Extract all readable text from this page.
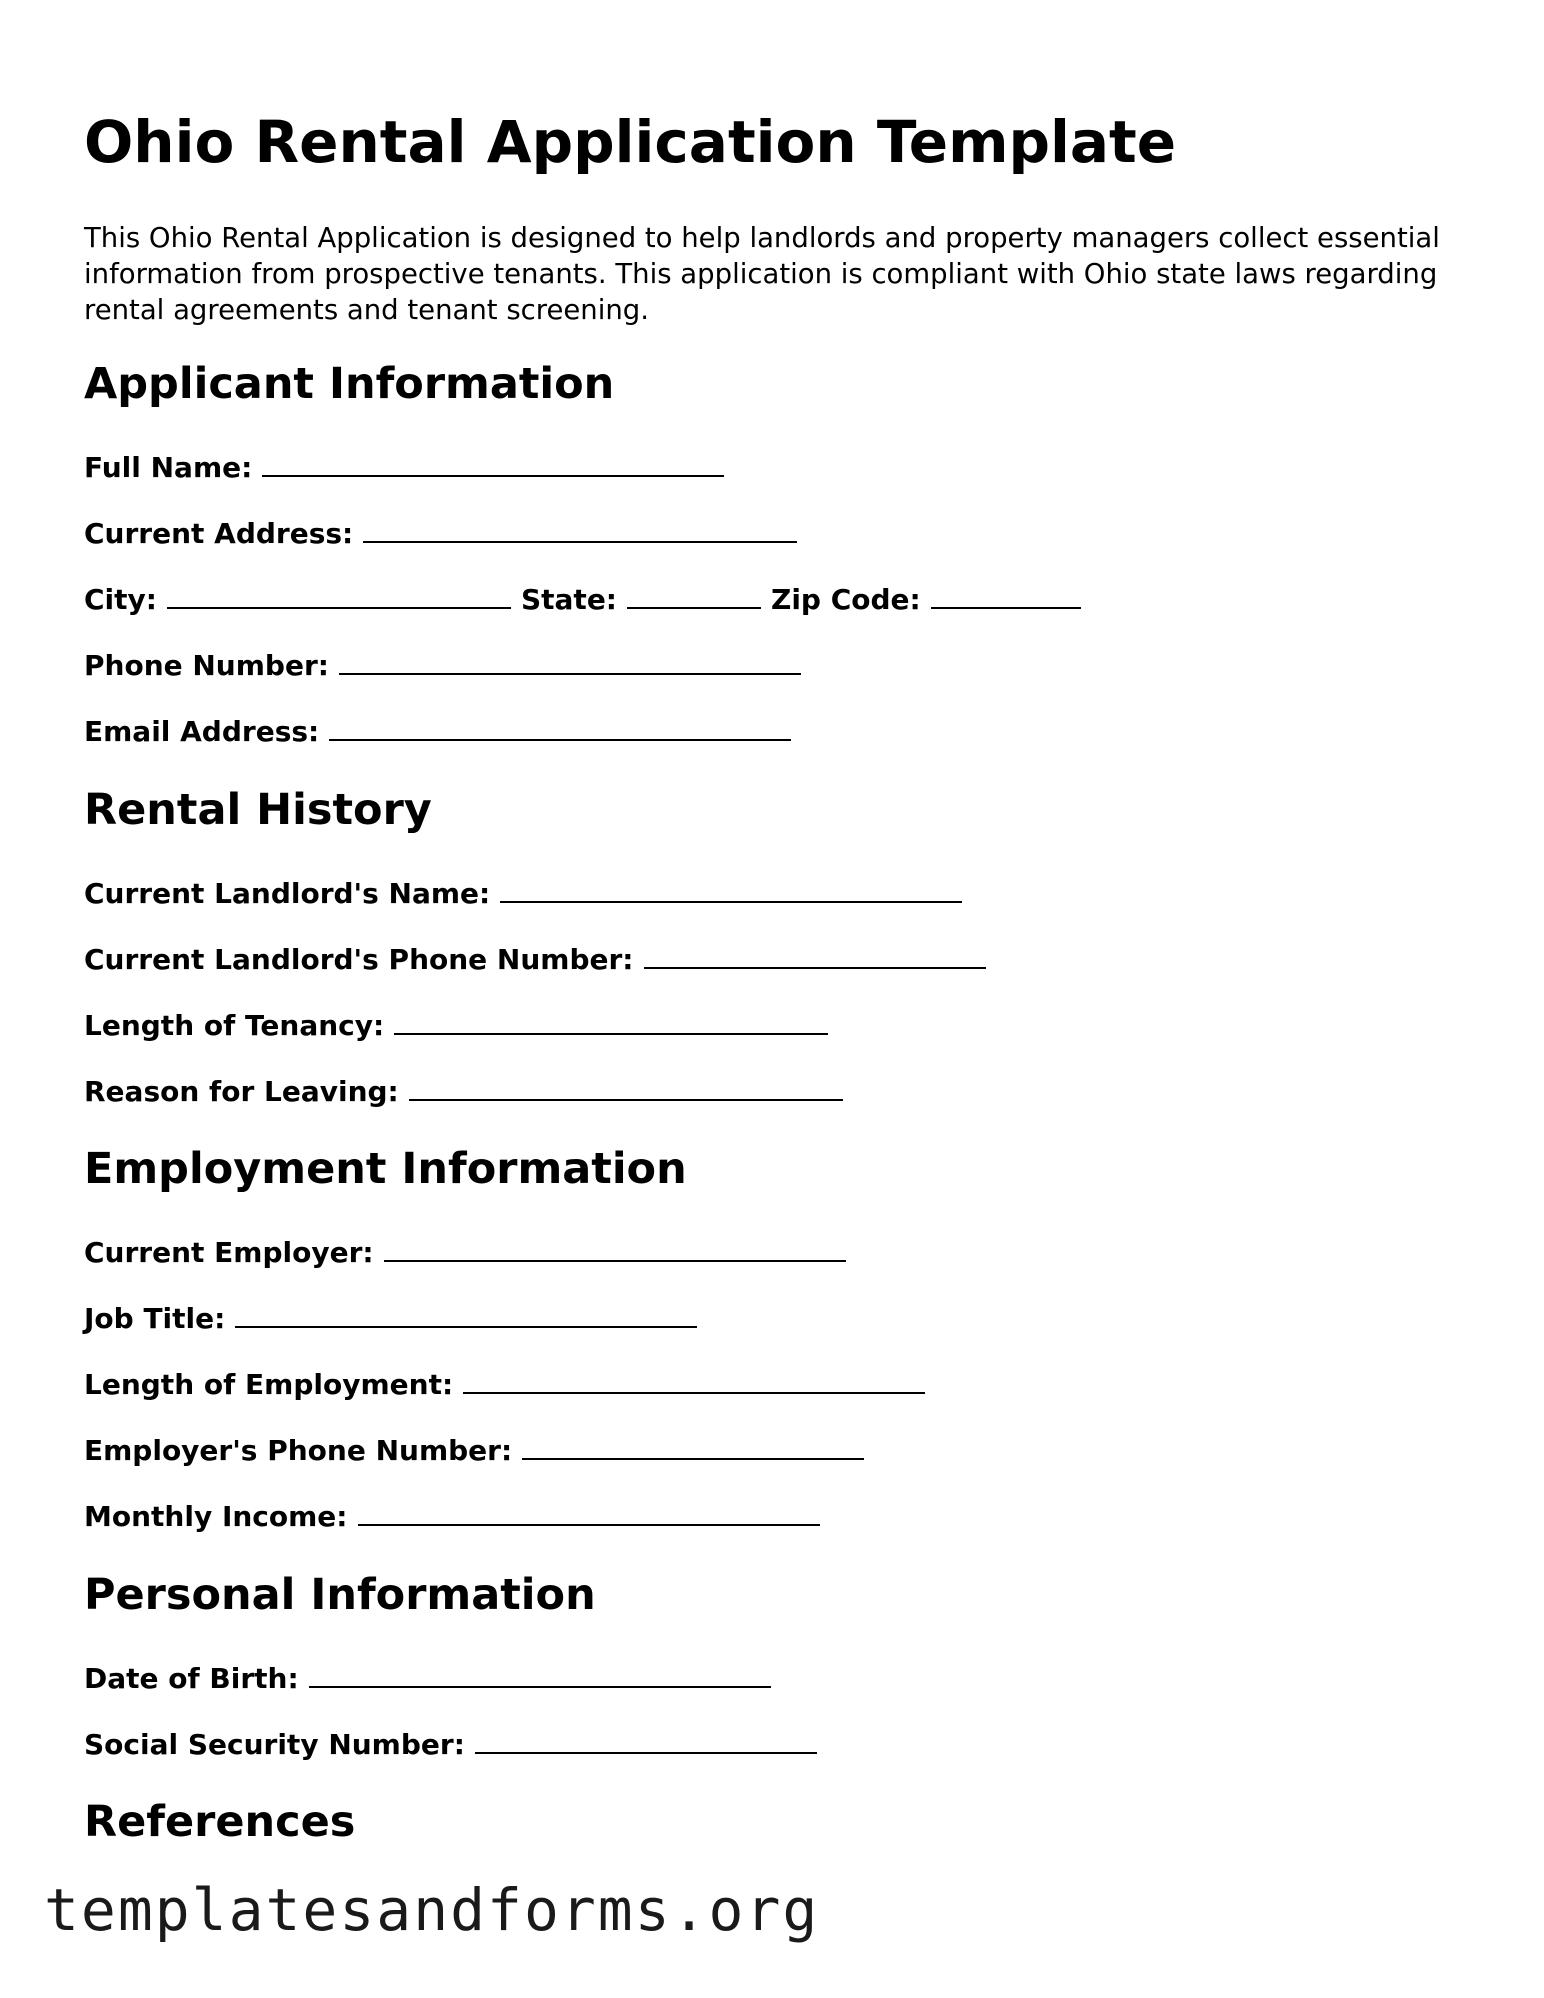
Ohio Rental Application Template

This Ohio Rental Application is designed to help landlords and property managers collect essential information from prospective tenants. This application is compliant with Ohio state laws regarding rental agreements and tenant screening.

Applicant Information
Full Name:
Current Address:
City:	State:	Zip Code:
Phone Number:
Email Address:
Rental History
Current Landlord's Name:
Current Landlord's Phone Number:
Length of Tenancy:
Reason for Leaving:
Employment Information
Current Employer:
Job Title:
Length of Employment:
Employer's Phone Number:
Monthly Income:
Personal Information
Date of Birth:
Social Security Number:
References
templatesandforms.org
